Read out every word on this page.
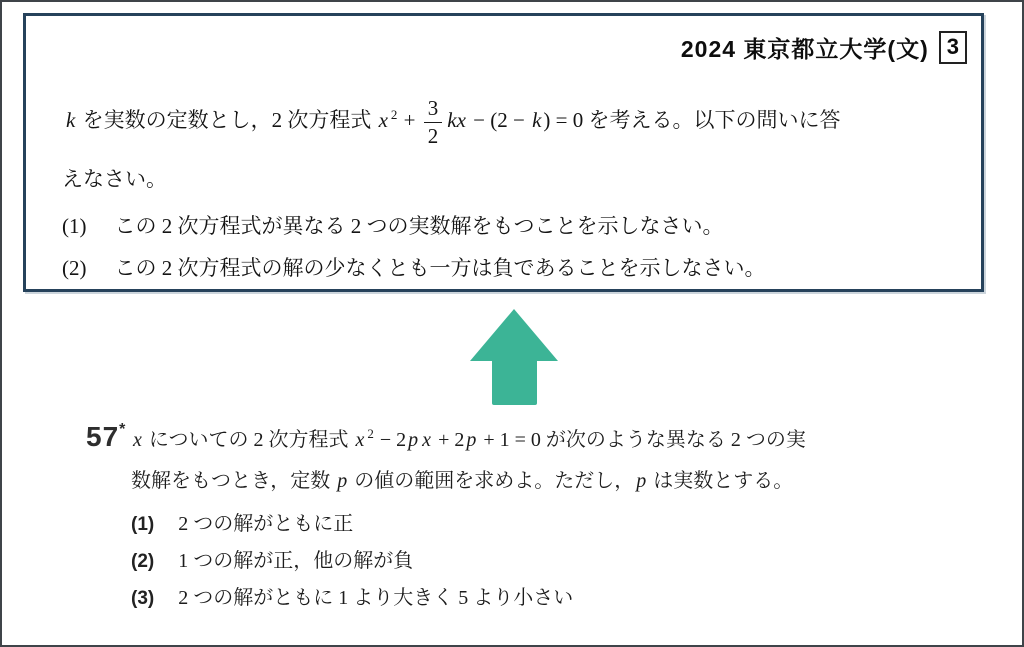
2024 東京都立大学(文) 3
k を実数の定数とし，2 次方程式 x $^2 + \frac{3}{2}$ kx − (2 − k) = 0 を考える。以下の問いに答
えなさい。
(1) この 2 次方程式が異なる 2 つの実数解をもつことを示しなさい。
(2) この 2 次方程式の解の少なくとも一方は負であることを示しなさい。
57* x についての 2 次方程式 x $^2$ − 2 p x + 2 p + 1 = 0 が次のような異なる 2 つの実
数解をもつとき，定数 p の値の範囲を求めよ。ただし， p は実数とする。
(1) 2 つの解がともに正
(2) 1 つの解が正，他の解が負
(3) 2 つの解がともに 1 より大きく 5 より小さい
